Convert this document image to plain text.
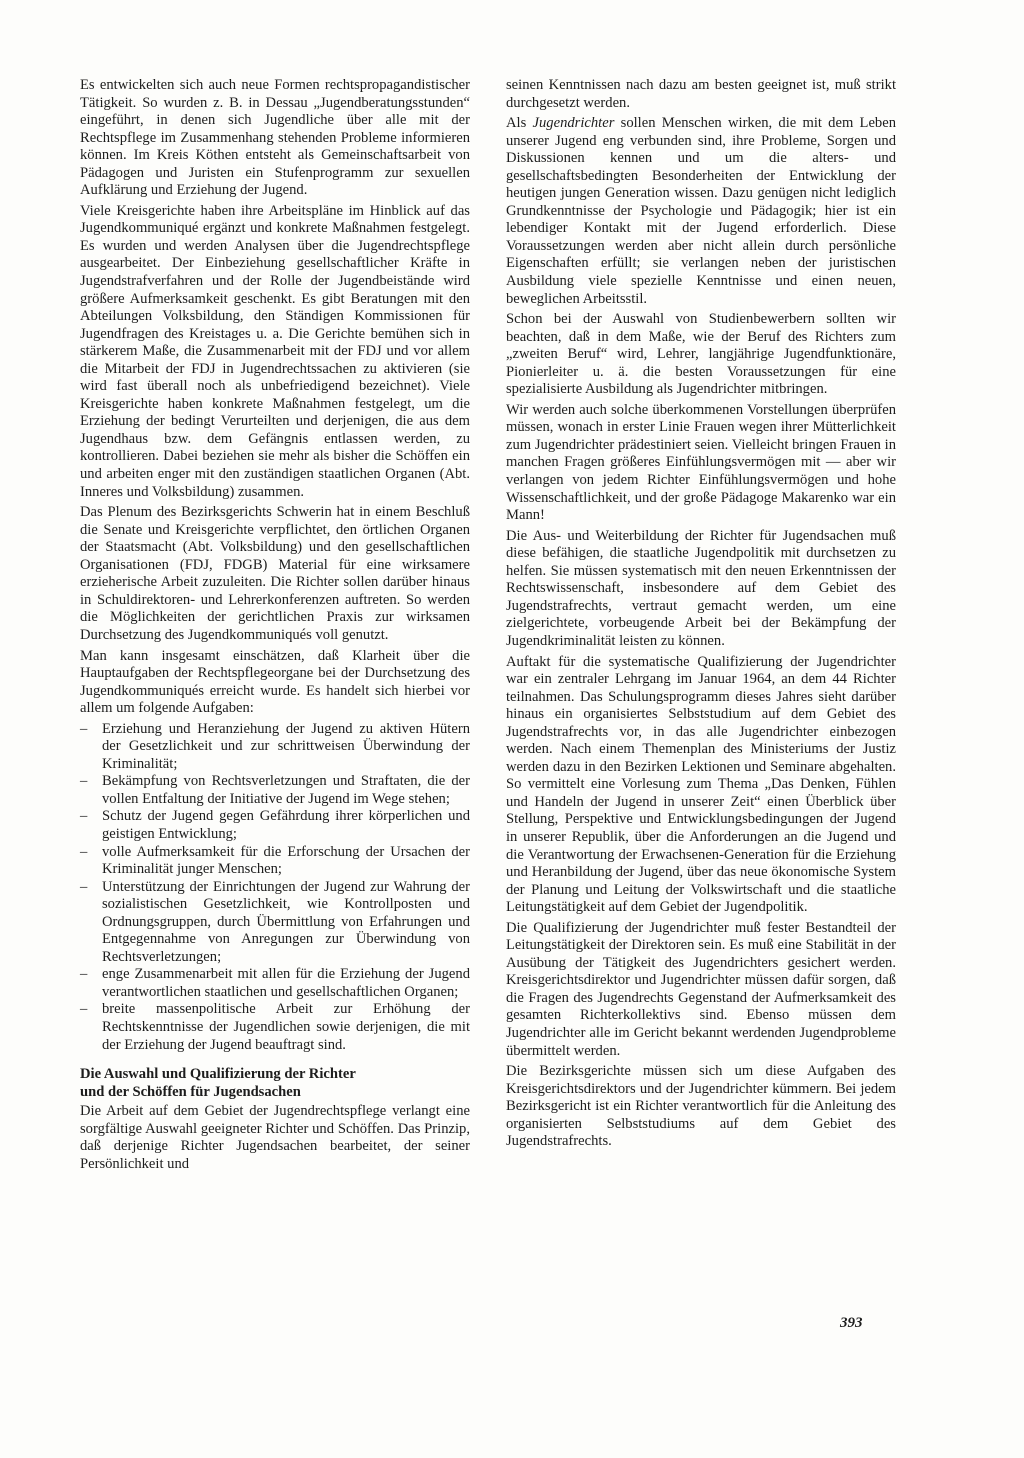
Es entwickelten sich auch neue Formen rechtspropagandistischer Tätigkeit. So wurden z. B. in Dessau „Jugendberatungsstunden“ eingeführt, in denen sich Jugendliche über alle mit der Rechtspflege im Zusammenhang stehenden Probleme informieren können. Im Kreis Köthen entsteht als Gemeinschaftsarbeit von Pädagogen und Juristen ein Stufenprogramm zur sexuellen Aufklärung und Erziehung der Jugend.

Viele Kreisgerichte haben ihre Arbeitspläne im Hinblick auf das Jugendkommuniqué ergänzt und konkrete Maßnahmen festgelegt. Es wurden und werden Analysen über die Jugendrechtspflege ausgearbeitet. Der Einbeziehung gesellschaftlicher Kräfte in Jugendstrafverfahren und der Rolle der Jugendbeistände wird größere Aufmerksamkeit geschenkt. Es gibt Beratungen mit den Abteilungen Volksbildung, den Ständigen Kommissionen für Jugendfragen des Kreistages u. a. Die Gerichte bemühen sich in stärkerem Maße, die Zusammenarbeit mit der FDJ und vor allem die Mitarbeit der FDJ in Jugendrechtssachen zu aktivieren (sie wird fast überall noch als unbefriedigend bezeichnet). Viele Kreisgerichte haben konkrete Maßnahmen festgelegt, um die Erziehung der bedingt Verurteilten und derjenigen, die aus dem Jugendhaus bzw. dem Gefängnis entlassen werden, zu kontrollieren. Dabei beziehen sie mehr als bisher die Schöffen ein und arbeiten enger mit den zuständigen staatlichen Organen (Abt. Inneres und Volksbildung) zusammen.

Das Plenum des Bezirksgerichts Schwerin hat in einem Beschluß die Senate und Kreisgerichte verpflichtet, den örtlichen Organen der Staatsmacht (Abt. Volksbildung) und den gesellschaftlichen Organisationen (FDJ, FDGB) Material für eine wirksamere erzieherische Arbeit zuzuleiten. Die Richter sollen darüber hinaus in Schuldirektoren- und Lehrerkonferenzen auftreten. So werden die Möglichkeiten der gerichtlichen Praxis zur wirksamen Durchsetzung des Jugendkommuniqués voll genutzt.

Man kann insgesamt einschätzen, daß Klarheit über die Hauptaufgaben der Rechtspflegeorgane bei der Durchsetzung des Jugendkommuniqués erreicht wurde. Es handelt sich hierbei vor allem um folgende Aufgaben:

– Erziehung und Heranziehung der Jugend zu aktiven Hütern der Gesetzlichkeit und zur schrittweisen Überwindung der Kriminalität;
– Bekämpfung von Rechtsverletzungen und Straftaten, die der vollen Entfaltung der Initiative der Jugend im Wege stehen;
– Schutz der Jugend gegen Gefährdung ihrer körperlichen und geistigen Entwicklung;
– volle Aufmerksamkeit für die Erforschung der Ursachen der Kriminalität junger Menschen;
– Unterstützung der Einrichtungen der Jugend zur Wahrung der sozialistischen Gesetzlichkeit, wie Kontrollposten und Ordnungsgruppen, durch Übermittlung von Erfahrungen und Entgegennahme von Anregungen zur Überwindung von Rechtsverletzungen;
– enge Zusammenarbeit mit allen für die Erziehung der Jugend verantwortlichen staatlichen und gesellschaftlichen Organen;
– breite massenpolitische Arbeit zur Erhöhung der Rechtskenntnisse der Jugendlichen sowie derjenigen, die mit der Erziehung der Jugend beauftragt sind.
Die Auswahl und Qualifizierung der Richter
und der Schöffen für Jugendsachen

Die Arbeit auf dem Gebiet der Jugendrechtspflege verlangt eine sorgfältige Auswahl geeigneter Richter und Schöffen. Das Prinzip, daß derjenige Richter Jugendsachen bearbeitet, der seiner Persönlichkeit und

seinen Kenntnissen nach dazu am besten geeignet ist, muß strikt durchgesetzt werden.

Als Jugendrichter sollen Menschen wirken, die mit dem Leben unserer Jugend eng verbunden sind, ihre Probleme, Sorgen und Diskussionen kennen und um die alters- und gesellschaftsbedingten Besonderheiten der Entwicklung der heutigen jungen Generation wissen. Dazu genügen nicht lediglich Grundkenntnisse der Psychologie und Pädagogik; hier ist ein lebendiger Kontakt mit der Jugend erforderlich. Diese Voraussetzungen werden aber nicht allein durch persönliche Eigenschaften erfüllt; sie verlangen neben der juristischen Ausbildung viele spezielle Kenntnisse und einen neuen, beweglichen Arbeitsstil.

Schon bei der Auswahl von Studienbewerbern sollten wir beachten, daß in dem Maße, wie der Beruf des Richters zum „zweiten Beruf“ wird, Lehrer, langjährige Jugendfunktionäre, Pionierleiter u. ä. die besten Voraussetzungen für eine spezialisierte Ausbildung als Jugendrichter mitbringen.

Wir werden auch solche überkommenen Vorstellungen überprüfen müssen, wonach in erster Linie Frauen wegen ihrer Mütterlichkeit zum Jugendrichter prädestiniert seien. Vielleicht bringen Frauen in manchen Fragen größeres Einfühlungsvermögen mit — aber wir verlangen von jedem Richter Einfühlungsvermögen und hohe Wissenschaftlichkeit, und der große Pädagoge Makarenko war ein Mann!

Die Aus- und Weiterbildung der Richter für Jugendsachen muß diese befähigen, die staatliche Jugendpolitik mit durchsetzen zu helfen. Sie müssen systematisch mit den neuen Erkenntnissen der Rechtswissenschaft, insbesondere auf dem Gebiet des Jugendstrafrechts, vertraut gemacht werden, um eine zielgerichtete, vorbeugende Arbeit bei der Bekämpfung der Jugendkriminalität leisten zu können.

Auftakt für die systematische Qualifizierung der Jugendrichter war ein zentraler Lehrgang im Januar 1964, an dem 44 Richter teilnahmen. Das Schulungsprogramm dieses Jahres sieht darüber hinaus ein organisiertes Selbststudium auf dem Gebiet des Jugendstrafrechts vor, in das alle Jugendrichter einbezogen werden. Nach einem Themenplan des Ministeriums der Justiz werden dazu in den Bezirken Lektionen und Seminare abgehalten. So vermittelt eine Vorlesung zum Thema „Das Denken, Fühlen und Handeln der Jugend in unserer Zeit“ einen Überblick über Stellung, Perspektive und Entwicklungsbedingungen der Jugend in unserer Republik, über die Anforderungen an die Jugend und die Verantwortung der Erwachsenen-Generation für die Erziehung und Heranbildung der Jugend, über das neue ökonomische System der Planung und Leitung der Volkswirtschaft und die staatliche Leitungstätigkeit auf dem Gebiet der Jugendpolitik.

Die Qualifizierung der Jugendrichter muß fester Bestandteil der Leitungstätigkeit der Direktoren sein. Es muß eine Stabilität in der Ausübung der Tätigkeit des Jugendrichters gesichert werden. Kreisgerichtsdirektor und Jugendrichter müssen dafür sorgen, daß die Fragen des Jugendrechts Gegenstand der Aufmerksamkeit des gesamten Richterkollektivs sind. Ebenso müssen dem Jugendrichter alle im Gericht bekannt werdenden Jugendprobleme übermittelt werden.

Die Bezirksgerichte müssen sich um diese Aufgaben des Kreisgerichtsdirektors und der Jugendrichter kümmern. Bei jedem Bezirksgericht ist ein Richter verantwortlich für die Anleitung des organisierten Selbststudiums auf dem Gebiet des Jugendstrafrechts.

393
